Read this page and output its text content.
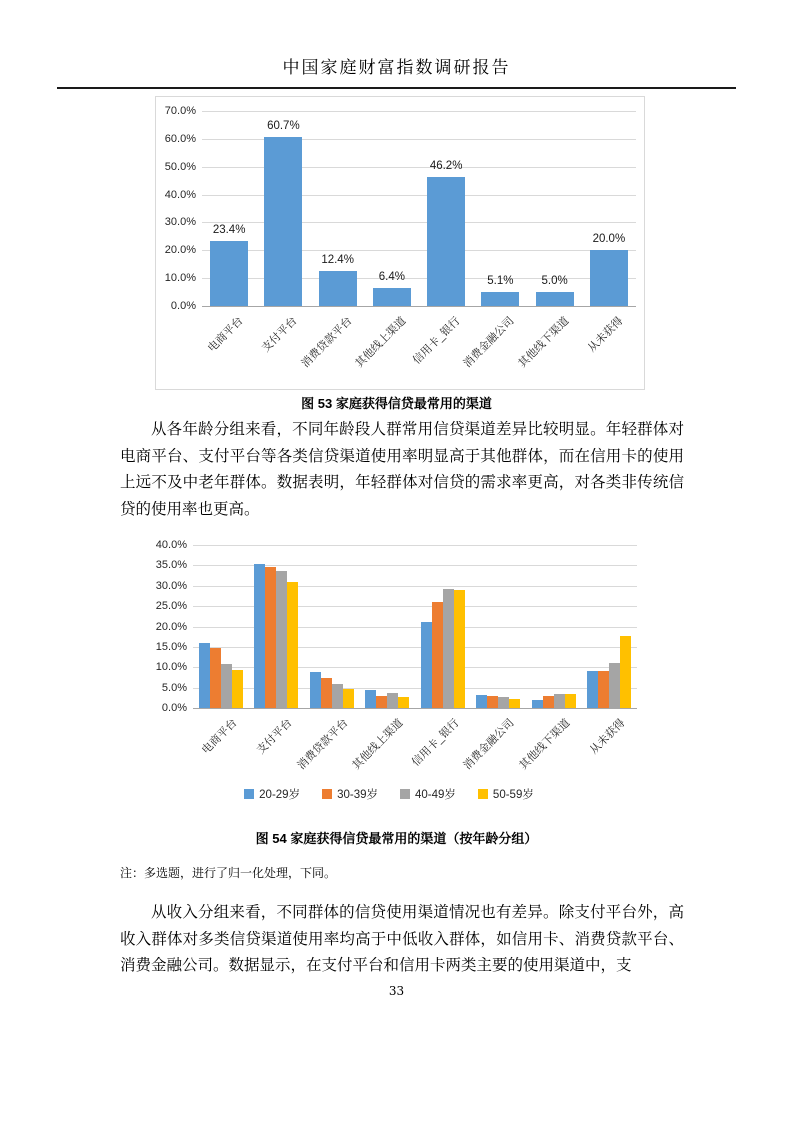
中国家庭财富指数调研报告
70.0%
60.0%
50.0%
40.0%
30.0%
20.0%
10.0%
0.0%
23.4%
电商平台
60.7%
支付平台
12.4%
消费贷款平台
6.4%
其他线上渠道
46.2%
信用卡_银行
5.1%
消费金融公司
5.0%
其他线下渠道
20.0%
从未获得
图 53 家庭获得信贷最常用的渠道
从各年龄分组来看，不同年龄段人群常用信贷渠道差异比较明显。年轻群体对电商平台、支付平台等各类信贷渠道使用率明显高于其他群体，而在信用卡的使用上远不及中老年群体。数据表明，年轻群体对信贷的需求率更高，对各类非传统信贷的使用率也更高。
40.0%
35.0%
30.0%
25.0%
20.0%
15.0%
10.0%
5.0%
0.0%
电商平台 支付平台 消费贷款平台 其他线上渠道 信用卡_银行 消费金融公司 其他线下渠道 从未获得
20-29岁	30-39岁	40-49岁	50-59岁
图 54 家庭获得信贷最常用的渠道（按年龄分组）
注：多选题，进行了归一化处理，下同。
从收入分组来看，不同群体的信贷使用渠道情况也有差异。除支付平台外，高收入群体对多类信贷渠道使用率均高于中低收入群体，如信用卡、消费贷款平台、消费金融公司。数据显示，在支付平台和信用卡两类主要的使用渠道中，支
33
